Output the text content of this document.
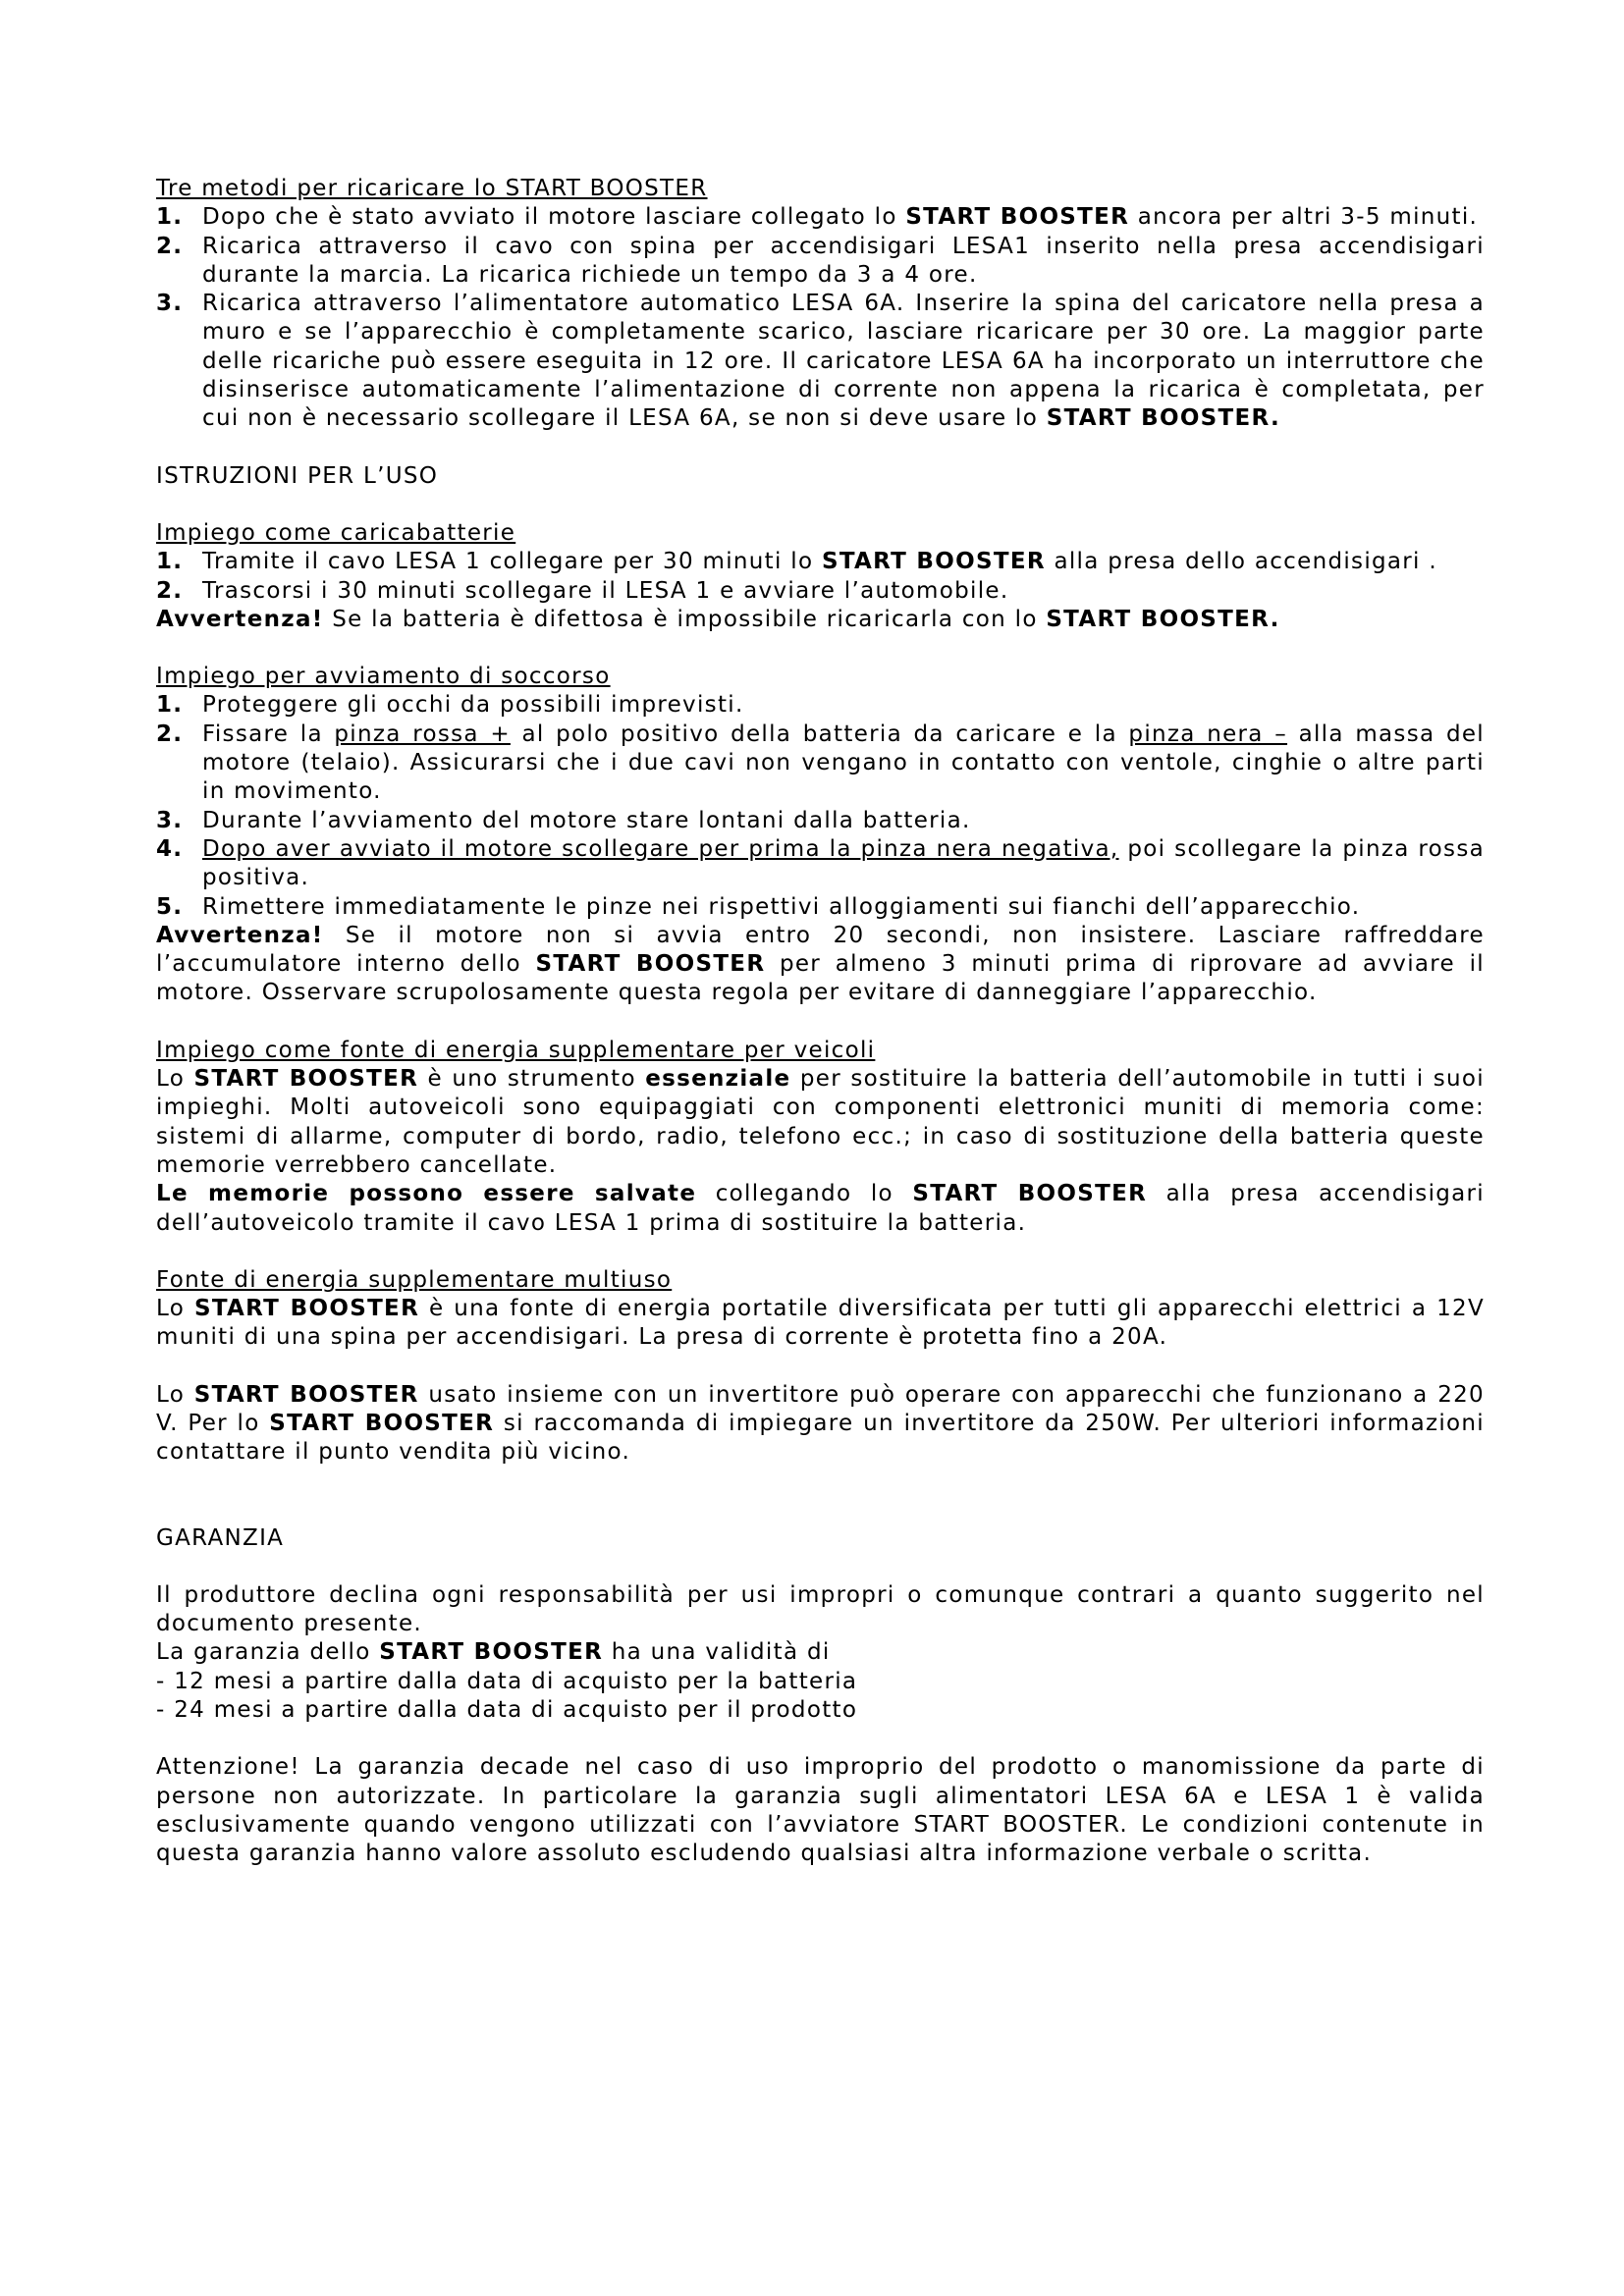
Tre metodi per ricaricare lo START BOOSTER

1. Dopo che è stato avviato il motore lasciare collegato lo START BOOSTER ancora per altri 3-5 minuti.
2. Ricarica attraverso il cavo con spina per accendisigari LESA1 inserito nella presa accendisigari durante la marcia. La ricarica richiede un tempo da 3 a 4 ore.
3. Ricarica attraverso l’alimentatore automatico LESA 6A. Inserire la spina del caricatore nella presa a muro e se l’apparecchio è completamente scarico, lasciare ricaricare per 30 ore. La maggior parte delle ricariche può essere eseguita in 12 ore. Il caricatore LESA 6A ha incorporato un interruttore che disinserisce automaticamente l’alimentazione di corrente non appena la ricarica è completata, per cui non è necessario scollegare il LESA 6A, se non si deve usare lo START BOOSTER.

ISTRUZIONI PER L’USO

Impiego come caricabatterie

1. Tramite il cavo LESA 1 collegare per 30 minuti lo START BOOSTER alla presa dello accendisigari .
2. Trascorsi i 30 minuti scollegare il LESA 1 e avviare l’automobile.

Avvertenza! Se la batteria è difettosa è impossibile ricaricarla con lo START BOOSTER.

Impiego per avviamento di soccorso

1. Proteggere gli occhi da possibili imprevisti.
2. Fissare la pinza rossa + al polo positivo della batteria da caricare e la pinza nera – alla massa del motore (telaio). Assicurarsi che i due cavi non vengano in contatto con ventole, cinghie o altre parti in movimento.
3. Durante l’avviamento del motore stare lontani dalla batteria.
4. Dopo aver avviato il motore scollegare per prima la pinza nera negativa, poi scollegare la pinza rossa positiva.
5. Rimettere immediatamente le pinze nei rispettivi alloggiamenti sui fianchi dell’apparecchio.

Avvertenza! Se il motore non si avvia entro 20 secondi, non insistere. Lasciare raffreddare l’accumulatore interno dello START BOOSTER per almeno 3 minuti prima di riprovare ad avviare il motore. Osservare scrupolosamente questa regola per evitare di danneggiare l’apparecchio.

Impiego come fonte di energia supplementare per veicoli

Lo START BOOSTER è uno strumento essenziale per sostituire la batteria dell’automobile in tutti i suoi impieghi. Molti autoveicoli sono equipaggiati con componenti elettronici muniti di memoria come: sistemi di allarme, computer di bordo, radio, telefono ecc.; in caso di sostituzione della batteria queste memorie verrebbero cancellate.

Le memorie possono essere salvate collegando lo START BOOSTER alla presa accendisigari dell’autoveicolo tramite il cavo LESA 1 prima di sostituire la batteria.

Fonte di energia supplementare multiuso

Lo START BOOSTER è una fonte di energia portatile diversificata per tutti gli apparecchi elettrici a 12V muniti di una spina per accendisigari. La presa di corrente è protetta fino a 20A.

Lo START BOOSTER usato insieme con un invertitore può operare con apparecchi che funzionano a 220 V. Per lo START BOOSTER si raccomanda di impiegare un invertitore da 250W. Per ulteriori informazioni contattare il punto vendita più vicino.

GARANZIA

Il produttore declina ogni responsabilità per usi impropri o comunque contrari a quanto suggerito nel documento presente.

La garanzia dello START BOOSTER ha una validità di

- 12 mesi a partire dalla data di acquisto per la batteria

- 24 mesi a partire dalla data di acquisto per il prodotto

Attenzione! La garanzia decade nel caso di uso improprio del prodotto o manomissione da parte di persone non autorizzate. In particolare la garanzia sugli alimentatori LESA 6A e LESA 1 è valida esclusivamente quando vengono utilizzati con l’avviatore START BOOSTER. Le condizioni contenute in questa garanzia hanno valore assoluto escludendo qualsiasi altra informazione verbale o scritta.
